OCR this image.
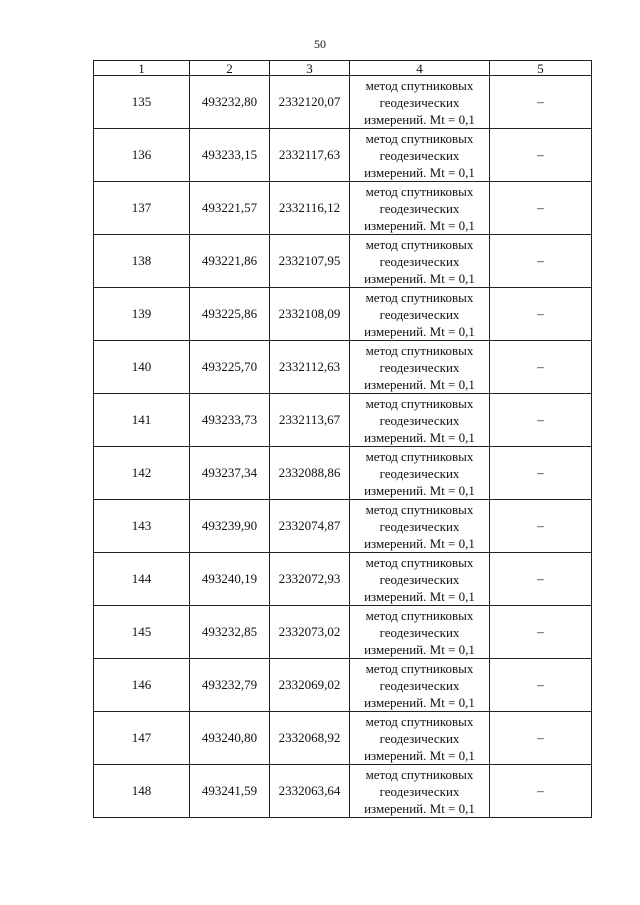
50
1	2	3	4	5
135	493232,80	2332120,07	метод спутниковых
геодезических
измерений. Mt = 0,1	–
136	493233,15	2332117,63	метод спутниковых
геодезических
измерений. Mt = 0,1	–
137	493221,57	2332116,12	метод спутниковых
геодезических
измерений. Mt = 0,1	–
138	493221,86	2332107,95	метод спутниковых
геодезических
измерений. Mt = 0,1	–
139	493225,86	2332108,09	метод спутниковых
геодезических
измерений. Mt = 0,1	–
140	493225,70	2332112,63	метод спутниковых
геодезических
измерений. Mt = 0,1	–
141	493233,73	2332113,67	метод спутниковых
геодезических
измерений. Mt = 0,1	–
142	493237,34	2332088,86	метод спутниковых
геодезических
измерений. Mt = 0,1	–
143	493239,90	2332074,87	метод спутниковых
геодезических
измерений. Mt = 0,1	–
144	493240,19	2332072,93	метод спутниковых
геодезических
измерений. Mt = 0,1	–
145	493232,85	2332073,02	метод спутниковых
геодезических
измерений. Mt = 0,1	–
146	493232,79	2332069,02	метод спутниковых
геодезических
измерений. Mt = 0,1	–
147	493240,80	2332068,92	метод спутниковых
геодезических
измерений. Mt = 0,1	–
148	493241,59	2332063,64	метод спутниковых
геодезических
измерений. Mt = 0,1	–
